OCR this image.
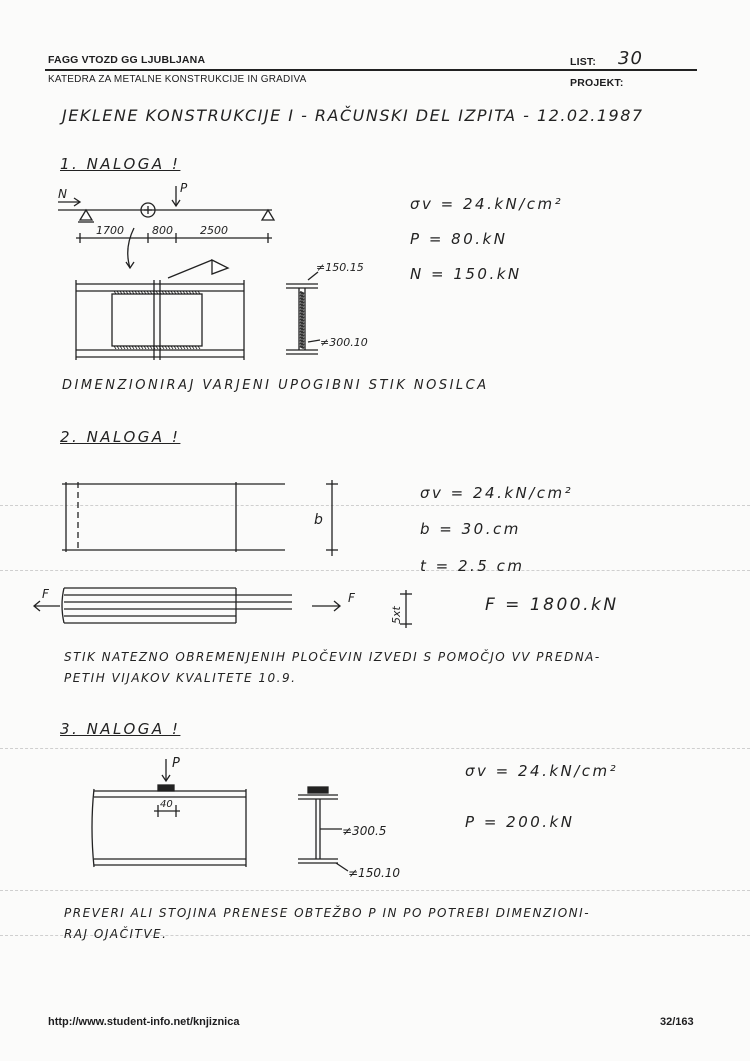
FAGG VTOZD GG LJUBLJANA
KATEDRA ZA METALNE KONSTRUKCIJE IN GRADIVA
LIST: 30
PROJEKT:
JEKLENE KONSTRUKCIJE I - RAČUNSKI DEL IZPITA - 12.02.1987
1. NALOGA !
N	P
1700	800 2500
≠150.15
≠300.10
σv = 24.kN/cm²
P = 80.kN
N = 150.kN
DIMENZIONIRAJ VARJENI UPOGIBNI STIK NOSILCA
2. NALOGA !
b
F	F
5xt
σv = 24.kN/cm²
b = 30.cm
t = 2.5 cm
F = 1800.kN
STIK NATEZNO OBREMENJENIH PLOČEVIN IZVEDI S POMOČJO VV PREDNA-
PETIH VIJAKOV KVALITETE 10.9.
3. NALOGA !
P
40
≠300.5
≠150.10
σv = 24.kN/cm²
P = 200.kN
PREVERI ALI STOJINA PRENESE OBTEŽBO P IN PO POTREBI DIMENZIONI-
RAJ OJAČITVE.
http://www.student-info.net/knjiznica	32/163
